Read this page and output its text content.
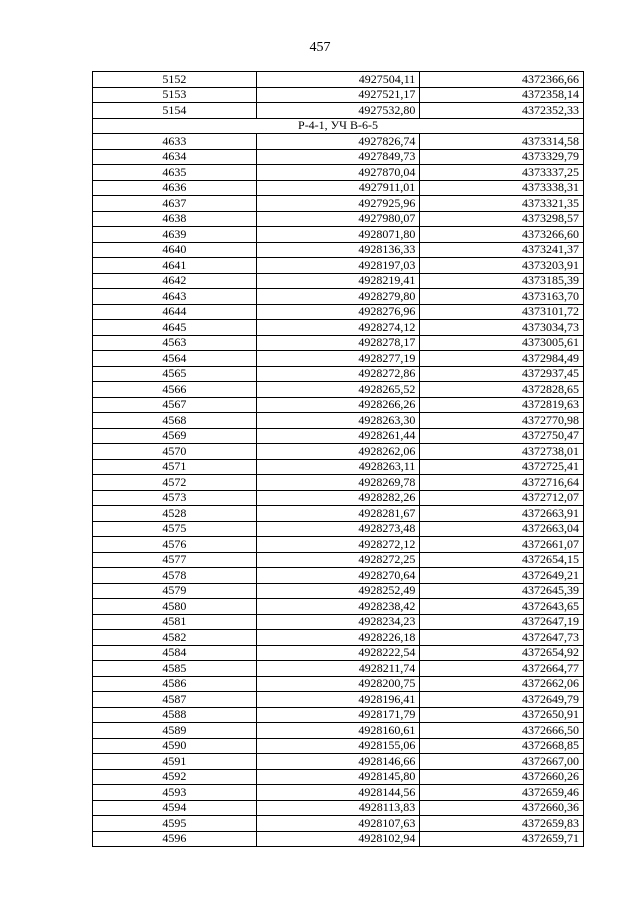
457
5152	4927504,11	4372366,66
5153	4927521,17	4372358,14
5154	4927532,80	4372352,33
Р-4-1, УЧ В-6-5		
4633	4927826,74	4373314,58
4634	4927849,73	4373329,79
4635	4927870,04	4373337,25
4636	4927911,01	4373338,31
4637	4927925,96	4373321,35
4638	4927980,07	4373298,57
4639	4928071,80	4373266,60
4640	4928136,33	4373241,37
4641	4928197,03	4373203,91
4642	4928219,41	4373185,39
4643	4928279,80	4373163,70
4644	4928276,96	4373101,72
4645	4928274,12	4373034,73
4563	4928278,17	4373005,61
4564	4928277,19	4372984,49
4565	4928272,86	4372937,45
4566	4928265,52	4372828,65
4567	4928266,26	4372819,63
4568	4928263,30	4372770,98
4569	4928261,44	4372750,47
4570	4928262,06	4372738,01
4571	4928263,11	4372725,41
4572	4928269,78	4372716,64
4573	4928282,26	4372712,07
4528	4928281,67	4372663,91
4575	4928273,48	4372663,04
4576	4928272,12	4372661,07
4577	4928272,25	4372654,15
4578	4928270,64	4372649,21
4579	4928252,49	4372645,39
4580	4928238,42	4372643,65
4581	4928234,23	4372647,19
4582	4928226,18	4372647,73
4584	4928222,54	4372654,92
4585	4928211,74	4372664,77
4586	4928200,75	4372662,06
4587	4928196,41	4372649,79
4588	4928171,79	4372650,91
4589	4928160,61	4372666,50
4590	4928155,06	4372668,85
4591	4928146,66	4372667,00
4592	4928145,80	4372660,26
4593	4928144,56	4372659,46
4594	4928113,83	4372660,36
4595	4928107,63	4372659,83
4596	4928102,94	4372659,71
